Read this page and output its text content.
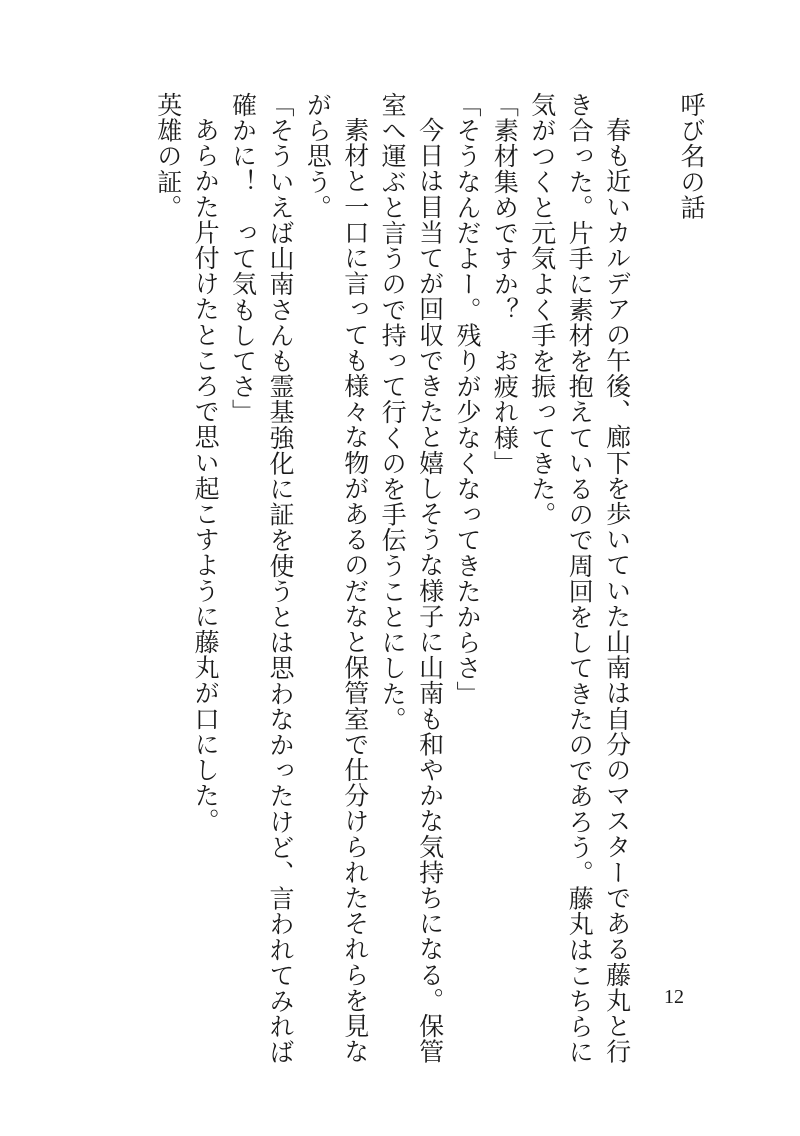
呼び名の話
春も近いカルデアの午後、廊下を歩いていた山南は自分のマスターである藤丸と行
き合った。片手に素材を抱えているので周回をしてきたのであろう。藤丸はこちらに
気がつくと元気よく手を振ってきた。
「素材集めですか？　お疲れ様」
「そうなんだよー。残りが少なくなってきたからさ」
今日は目当てが回収できたと嬉しそうな様子に山南も和やかな気持ちになる。保管
室へ運ぶと言うので持って行くのを手伝うことにした。
素材と一口に言っても様々な物があるのだなと保管室で仕分けられたそれらを見な
がら思う。
「そういえば山南さんも霊基強化に証を使うとは思わなかったけど、言われてみれば
確かに！　って気もしてさ」
あらかた片付けたところで思い起こすように藤丸が口にした。
英雄の証。
12
